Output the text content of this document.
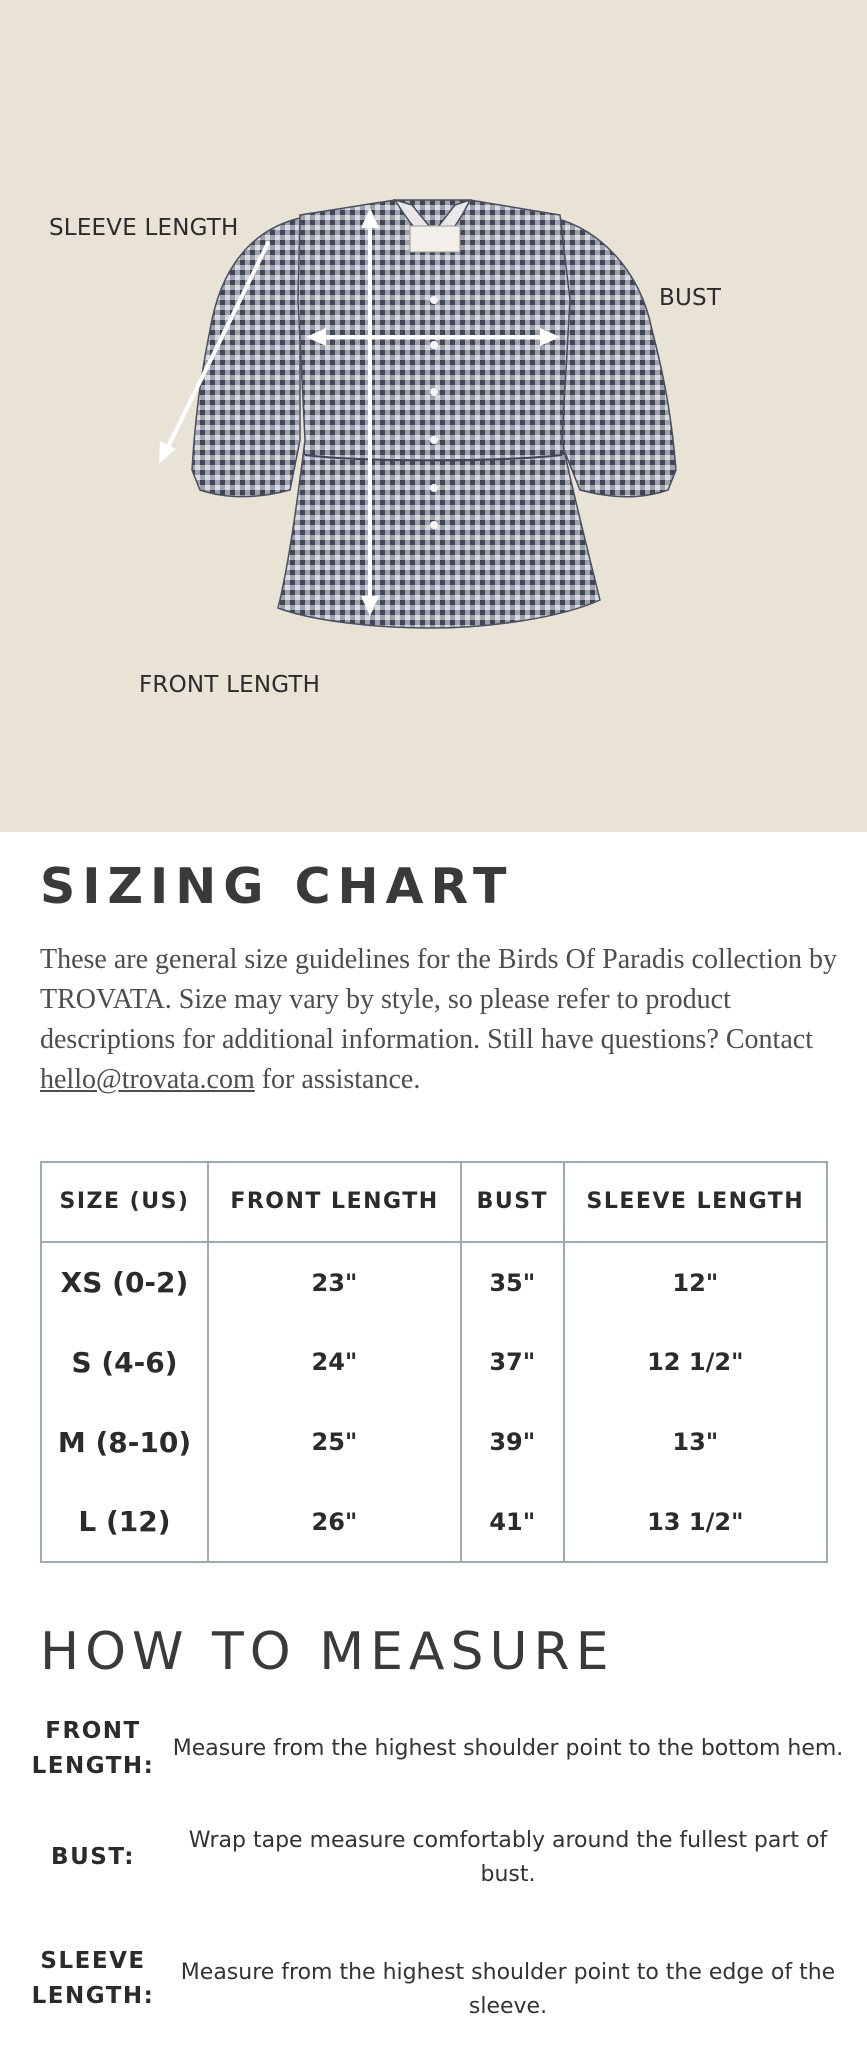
SLEEVE LENGTH
BUST
FRONT LENGTH
SIZING CHART

These are general size guidelines for the Birds Of Paradis collection by TROVATA. Size may vary by style, so please refer to product descriptions for additional information. Still have questions? Contact hello@trovata.com for assistance.

SIZE (US)	FRONT LENGTH	BUST	SLEEVE LENGTH
XS (0-2)	23"	35"	12"
S (4-6)	24"	37"	12 1/2"
M (8-10)	25"	39"	13"
L (12)	26"	41"	13 1/2"
HOW TO MEASURE
FRONT LENGTH:
Measure from the highest shoulder point to the bottom hem.
BUST:
Wrap tape measure comfortably around the fullest part of bust.
SLEEVE LENGTH:
Measure from the highest shoulder point to the edge of the sleeve.
